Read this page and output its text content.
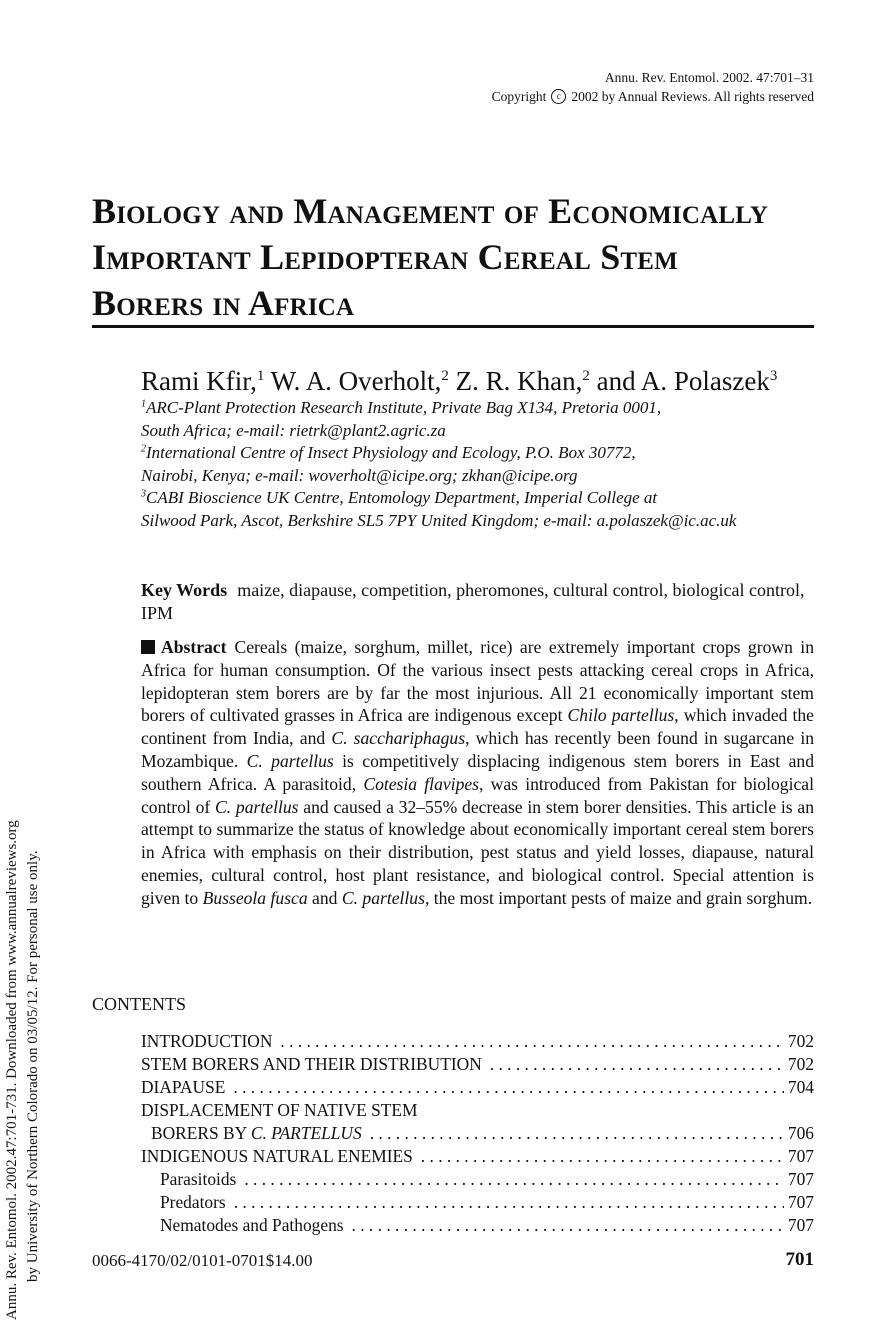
Annu. Rev. Entomol. 2002.47:701-731. Downloaded from www.annualreviews.org by University of Northern Colorado on 03/05/12. For personal use only.
Annu. Rev. Entomol. 2002. 47:701–31
Copyright	c 2002 by Annual Reviews. All rights reserved
Biology and Management of Economically
Important Lepidopteran Cereal Stem
Borers in Africa
Rami Kfir,$^1$ W. A. Overholt,$^2$ Z. R. Khan,$^2$ and A. Polaszek$^3$
$^1$ARC-Plant Protection Research Institute, Private Bag X134, Pretoria 0001,
South Africa; e-mail: rietrk@plant2.agric.za
$^2$International Centre of Insect Physiology and Ecology, P.O. Box 30772,
Nairobi, Kenya; e-mail: woverholt@icipe.org; zkhan@icipe.org
$^3$CABI Bioscience UK Centre, Entomology Department, Imperial College at
Silwood Park, Ascot, Berkshire SL5 7PY United Kingdom; e-mail: a.polaszek@ic.ac.uk
Key Words maize, diapause, competition, pheromones, cultural control, biological control, IPM
Abstract Cereals (maize, sorghum, millet, rice) are extremely important crops grown in Africa for human consumption. Of the various insect pests attacking cereal crops in Africa, lepidopteran stem borers are by far the most injurious. All 21 economically important stem borers of cultivated grasses in Africa are indigenous except Chilo partellus, which invaded the continent from India, and C. sacchariphagus, which has recently been found in sugarcane in Mozambique. C. partellus is competitively displacing indigenous stem borers in East and southern Africa. A parasitoid, Cotesia flavipes, was introduced from Pakistan for biological control of C. partellus and caused a 32–55% decrease in stem borer densities. This article is an attempt to summarize the status of knowledge about economically important cereal stem borers in Africa with emphasis on their distribution, pest status and yield losses, diapause, natural enemies, cultural control, host plant resistance, and biological control. Special attention is given to Busseola fusca and C. partellus, the most important pests of maize and grain sorghum.
CONTENTS
INTRODUCTION . . .	702
STEM BORERS AND THEIR DISTRIBUTION . . .	702
DIAPAUSE . . .	704
DISPLACEMENT OF NATIVE STEM
BORERS BY C. PARTELLUS . . .	706
INDIGENOUS NATURAL ENEMIES . . .	707
Parasitoids . . .	707
Predators . . .	707
Nematodes and Pathogens . . .	707
0066-4170/02/0101-0701$14.00	701
